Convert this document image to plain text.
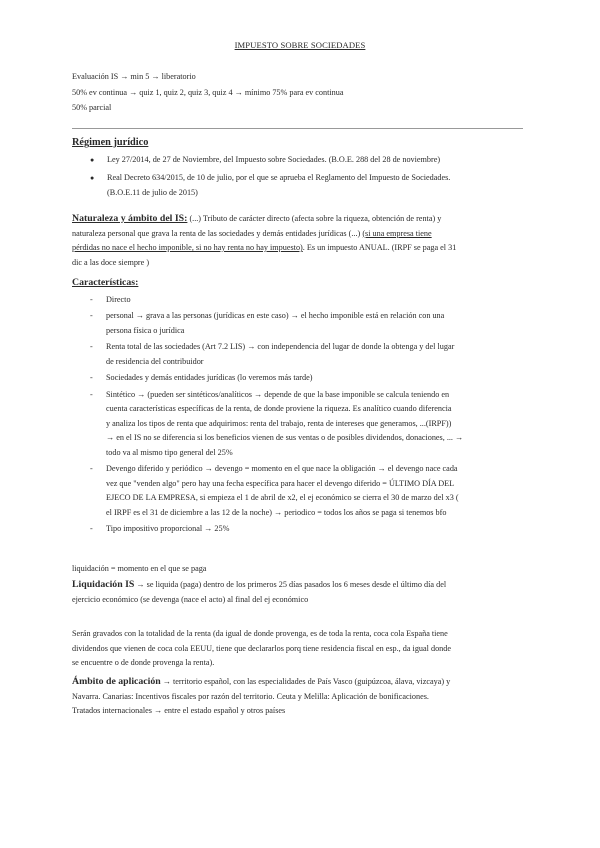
IMPUESTO SOBRE SOCIEDADES
Evaluación IS → min 5 → liberatorio
50% ev continua → quiz 1, quiz 2, quiz 3, quiz 4 → mínimo 75% para ev continua
50% parcial
Régimen jurídico
● Ley 27/2014, de 27 de Noviembre, del Impuesto sobre Sociedades. (B.O.E. 288 del 28 de noviembre)
● Real Decreto 634/2015, de 10 de julio, por el que se aprueba el Reglamento del Impuesto de Sociedades.
(B.O.E.11 de julio de 2015)
Naturaleza y ámbito del IS: (...) Tributo de carácter directo (afecta sobre la riqueza, obtención de renta) y
naturaleza personal que grava la renta de las sociedades y demás entidades jurídicas (...) (si una empresa tiene
pérdidas no nace el hecho imponible, si no hay renta no hay impuesto). Es un impuesto ANUAL. (IRPF se paga el 31
dic a las doce siempre )
Características:
- Directo
- personal → grava a las personas (jurídicas en este caso) → el hecho imponible está en relación con una
persona física o jurídica
- Renta total de las sociedades (Art 7.2 LIS) → con independencia del lugar de donde la obtenga y del lugar
de residencia del contribuidor
- Sociedades y demás entidades jurídicas (lo veremos más tarde)
- Sintético → (pueden ser sintéticos/analíticos → depende de que la base imponible se calcula teniendo en
cuenta características específicas de la renta, de donde proviene la riqueza. Es analítico cuando diferencia
y analiza los tipos de renta que adquirimos: renta del trabajo, renta de intereses que generamos, ...(IRPF))
→ en el IS no se diferencia si los beneficios vienen de sus ventas o de posibles dividendos, donaciones, ... →
todo va al mismo tipo general del 25%
- Devengo diferido y periódico → devengo = momento en el que nace la obligación → el devengo nace cada
vez que "venden algo" pero hay una fecha específica para hacer el devengo diferido = ÚLTIMO DÍA DEL
EJECO DE LA EMPRESA, si empieza el 1 de abril de x2, el ej económico se cierra el 30 de marzo del x3 (
el IRPF es el 31 de diciembre a las 12 de la noche) → periodico = todos los años se paga si tenemos bfo
- Tipo impositivo proporcional → 25%
liquidación = momento en el que se paga
Liquidación IS → se liquida (paga) dentro de los primeros 25 días pasados los 6 meses desde el último día del
ejercicio económico (se devenga (nace el acto) al final del ej económico
Serán gravados con la totalidad de la renta (da igual de donde provenga, es de toda la renta, coca cola España tiene
dividendos que vienen de coca cola EEUU, tiene que declararlos porq tiene residencia fiscal en esp., da igual donde
se encuentre o de donde provenga la renta).
Ámbito de aplicación → territorio español, con las especialidades de País Vasco (guipúzcoa, álava, vizcaya) y
Navarra. Canarias: Incentivos fiscales por razón del territorio. Ceuta y Melilla: Aplicación de bonificaciones.
Tratados internacionales → entre el estado español y otros países
